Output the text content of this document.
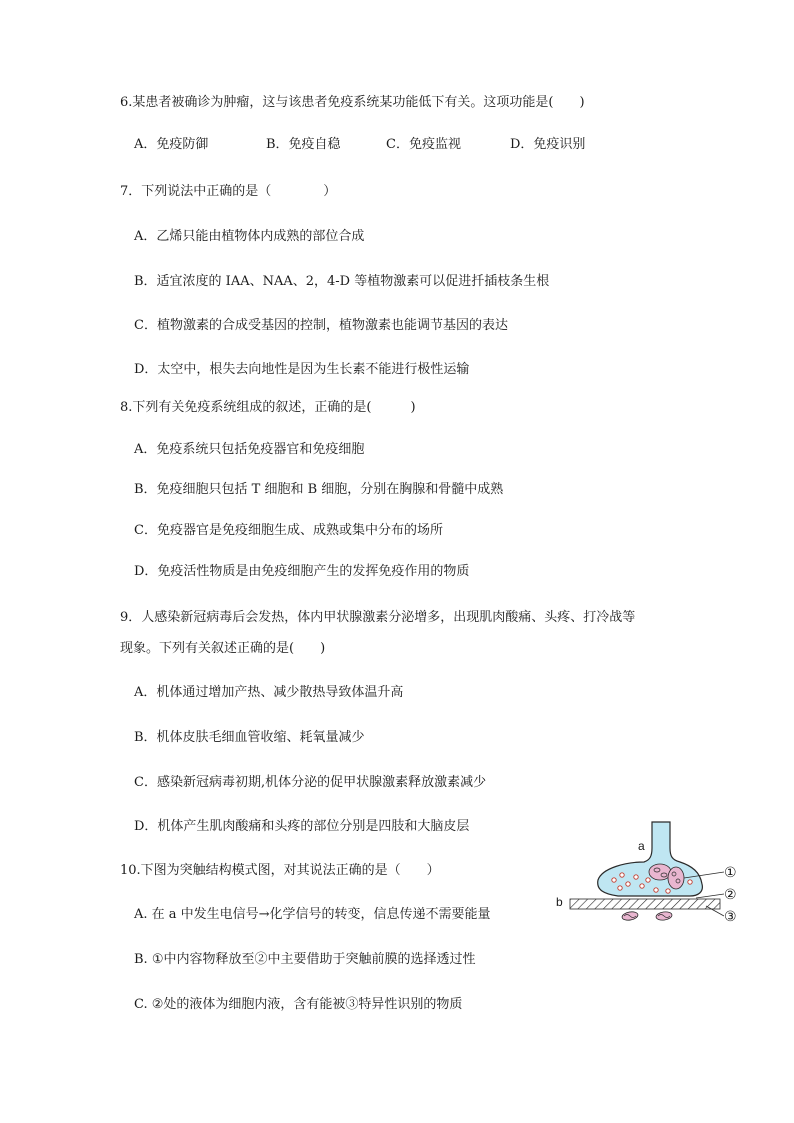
6.某患者被确诊为肿瘤，这与该患者免疫系统某功能低下有关。这项功能是(　　)
A．免疫防御	B．免疫自稳	C．免疫监视	D．免疫识别
7．下列说法中正确的是（　　　　）
A．乙烯只能由植物体内成熟的部位合成
B．适宜浓度的 IAA、NAA、2，4-D 等植物激素可以促进扦插枝条生根
C．植物激素的合成受基因的控制，植物激素也能调节基因的表达
D．太空中，根失去向地性是因为生长素不能进行极性运输
8.下列有关免疫系统组成的叙述，正确的是(　　　)
A．免疫系统只包括免疫器官和免疫细胞
B．免疫细胞只包括 T 细胞和 B 细胞，分别在胸腺和骨髓中成熟
C．免疫器官是免疫细胞生成、成熟或集中分布的场所
D．免疫活性物质是由免疫细胞产生的发挥免疫作用的物质
9．人感染新冠病毒后会发热，体内甲状腺激素分泌增多，出现肌肉酸痛、头疼、打冷战等
现象。下列有关叙述正确的是(　　)
A．机体通过增加产热、减少散热导致体温升高
B．机体皮肤毛细血管收缩、耗氧量减少
C．感染新冠病毒初期,机体分泌的促甲状腺激素释放激素减少
D．机体产生肌肉酸痛和头疼的部位分别是四肢和大脑皮层
10.下图为突触结构模式图，对其说法正确的是（　　）
A. 在 a 中发生电信号→化学信号的转变，信息传递不需要能量
B. ①中内容物释放至②中主要借助于突触前膜的选择透过性
C. ②处的液体为细胞内液，含有能被③特异性识别的物质
a
b
①
②
③
